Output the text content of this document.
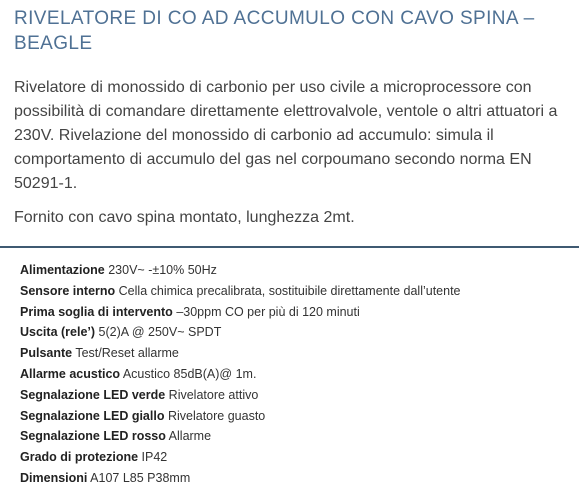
RIVELATORE DI CO AD ACCUMULO CON CAVO SPINA – BEAGLE

Rivelatore di monossido di carbonio per uso civile a microprocessore con possibilità di comandare direttamente elettrovalvole, ventole o altri attuatori a 230V. Rivelazione del monossido di carbonio ad accumulo: simula il comportamento di accumulo del gas nel corpoumano secondo norma EN 50291-1.

Fornito con cavo spina montato, lunghezza 2mt.

Alimentazione 230V~ -±10% 50Hz
Sensore interno Cella chimica precalibrata, sostituibile direttamente dall’utente
Prima soglia di intervento –30ppm CO per più di 120 minuti
Uscita (rele’) 5(2)A @ 250V~ SPDT
Pulsante Test/Reset allarme
Allarme acustico Acustico 85dB(A)@ 1m.
Segnalazione LED verde Rivelatore attivo
Segnalazione LED giallo Rivelatore guasto
Segnalazione LED rosso Allarme
Grado di protezione IP42
Dimensioni A107 L85 P38mm
